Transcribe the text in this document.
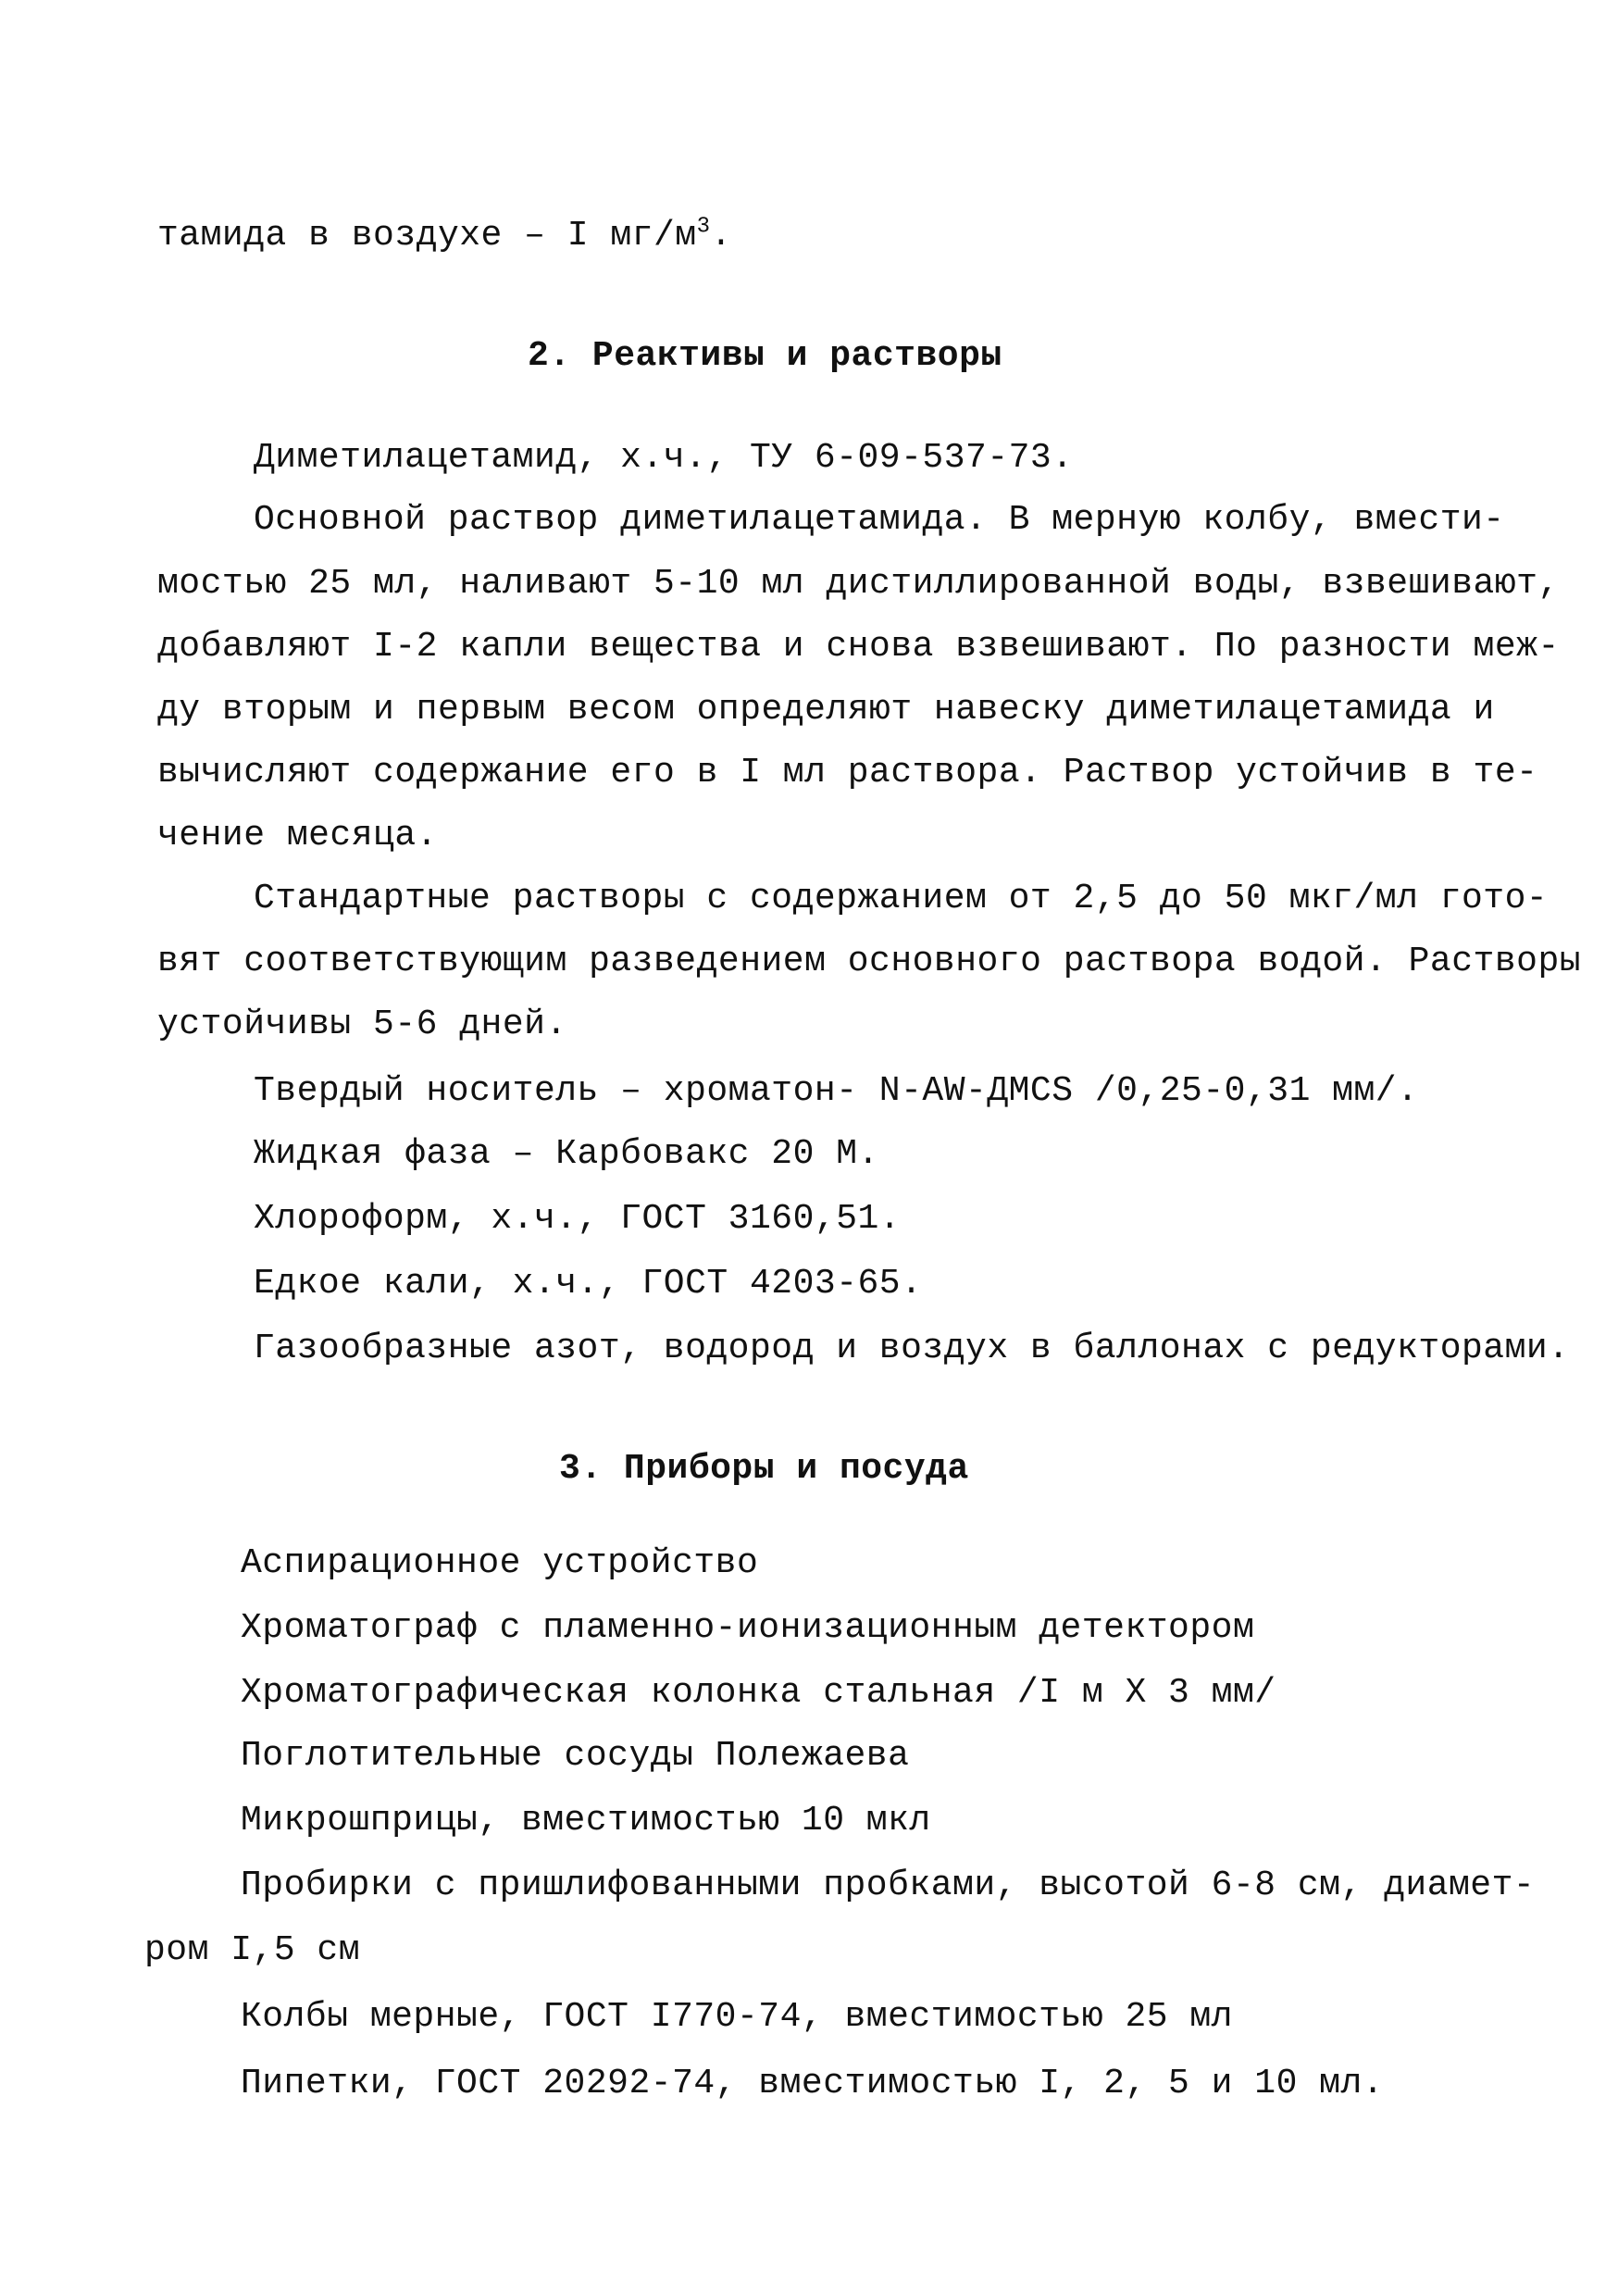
тамида в воздухе – I $мг/м^3$.
2. Реактивы и растворы
Диметилацетамид, х.ч., ТУ 6-09-537-73.
Основной раствор диметилацетамида. В мерную колбу, вмести-
мостью 25 мл, наливают 5-10 мл дистиллированной воды, взвешивают,
добавляют I-2 капли вещества и снова взвешивают. По разности меж-
ду вторым и первым весом определяют навеску диметилацетамида и
вычисляют содержание его в I мл раствора. Раствор устойчив в те-
чение месяца.
Стандартные растворы с содержанием от 2,5 до 50 мкг/мл гото-
вят соответствующим разведением основного раствора водой. Растворы
устойчивы 5-6 дней.
Твердый носитель – хроматон- N-AW-ДМCS /0,25-0,31 мм/.
Жидкая фаза – Карбовакс 20 М.
Хлороформ, х.ч., ГОСТ 3160,51.
Едкое кали, х.ч., ГОСТ 4203-65.
Газообразные азот, водород и воздух в баллонах с редукторами.
3. Приборы и посуда
Аспирационное устройство
Хроматограф с пламенно-ионизационным детектором
Хроматографическая колонка стальная /I м Х 3 мм/
Поглотительные сосуды Полежаева
Микрошприцы, вместимостью 10 мкл
Пробирки с пришлифованными пробками, высотой 6-8 см, диамет-
ром I,5 см
Колбы мерные, ГОСТ I770-74, вместимостью 25 мл
Пипетки, ГОСТ 20292-74, вместимостью I, 2, 5 и 10 мл.
